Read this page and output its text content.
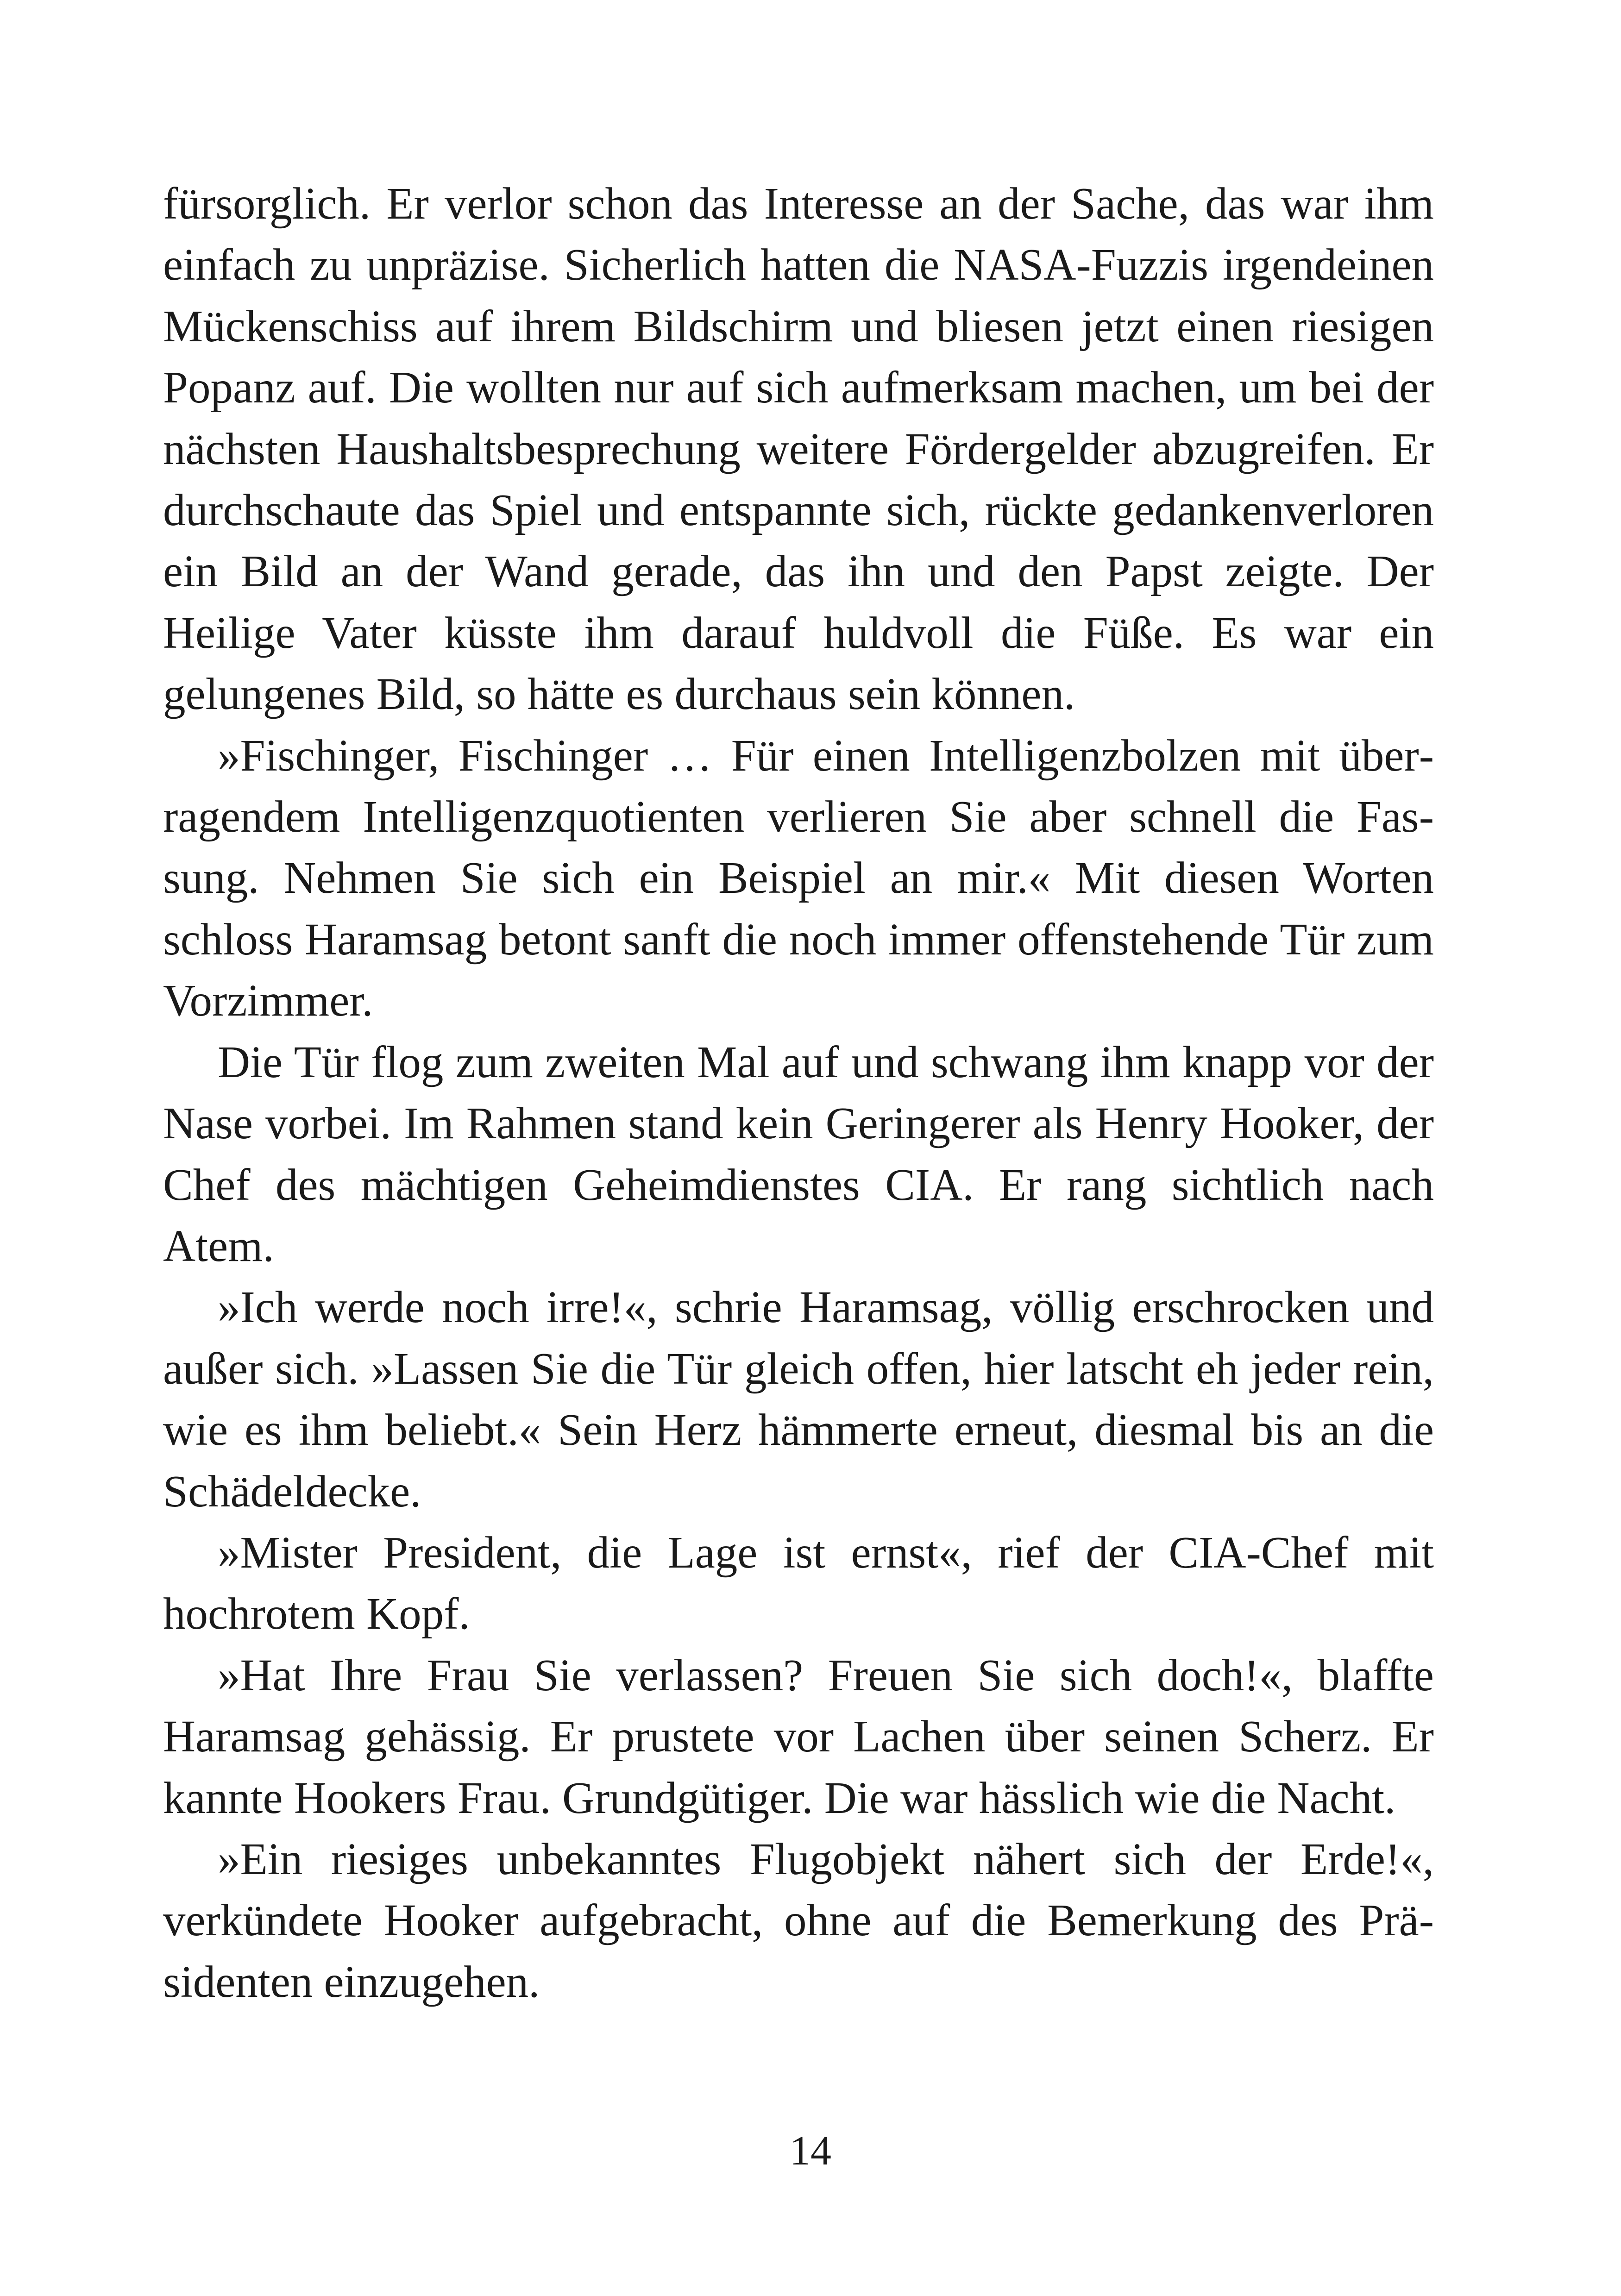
fürsorglich. Er verlor schon das Interesse an der Sache, das war ihm einfach zu unpräzise. Sicherlich hatten die NASA-Fuzzis irgendeinen Mückenschiss auf ihrem Bildschirm und bliesen jetzt einen riesigen Popanz auf. Die wollten nur auf sich aufmerksam machen, um bei der nächsten Haushaltsbesprechung weitere Fördergelder abzugreifen. Er durchschaute das Spiel und entspannte sich, rückte gedankenverloren ein Bild an der Wand gerade, das ihn und den Papst zeigte. Der Heilige Vater küsste ihm darauf huldvoll die Füße. Es war ein gelungenes Bild, so hätte es durchaus sein können.

»Fischinger, Fischinger … Für einen Intelligenzbolzen mit überragendem Intelligenzquotienten verlieren Sie aber schnell die Fassung. Nehmen Sie sich ein Beispiel an mir.« Mit diesen Worten schloss Haramsag betont sanft die noch immer offenstehende Tür zum Vorzimmer.

Die Tür flog zum zweiten Mal auf und schwang ihm knapp vor der Nase vorbei. Im Rahmen stand kein Geringerer als Henry Hooker, der Chef des mächtigen Geheimdienstes CIA. Er rang sichtlich nach Atem.

»Ich werde noch irre!«, schrie Haramsag, völlig erschrocken und außer sich. »Lassen Sie die Tür gleich offen, hier latscht eh jeder rein, wie es ihm beliebt.« Sein Herz hämmerte erneut, diesmal bis an die Schädeldecke.

»Mister President, die Lage ist ernst«, rief der CIA-Chef mit hochrotem Kopf.

»Hat Ihre Frau Sie verlassen? Freuen Sie sich doch!«, blaffte Haramsag gehässig. Er prustete vor Lachen über seinen Scherz. Er kannte Hookers Frau. Grundgütiger. Die war hässlich wie die Nacht.

»Ein riesiges unbekanntes Flugobjekt nähert sich der Erde!«, verkündete Hooker aufgebracht, ohne auf die Bemerkung des Präsidenten einzugehen.

14
